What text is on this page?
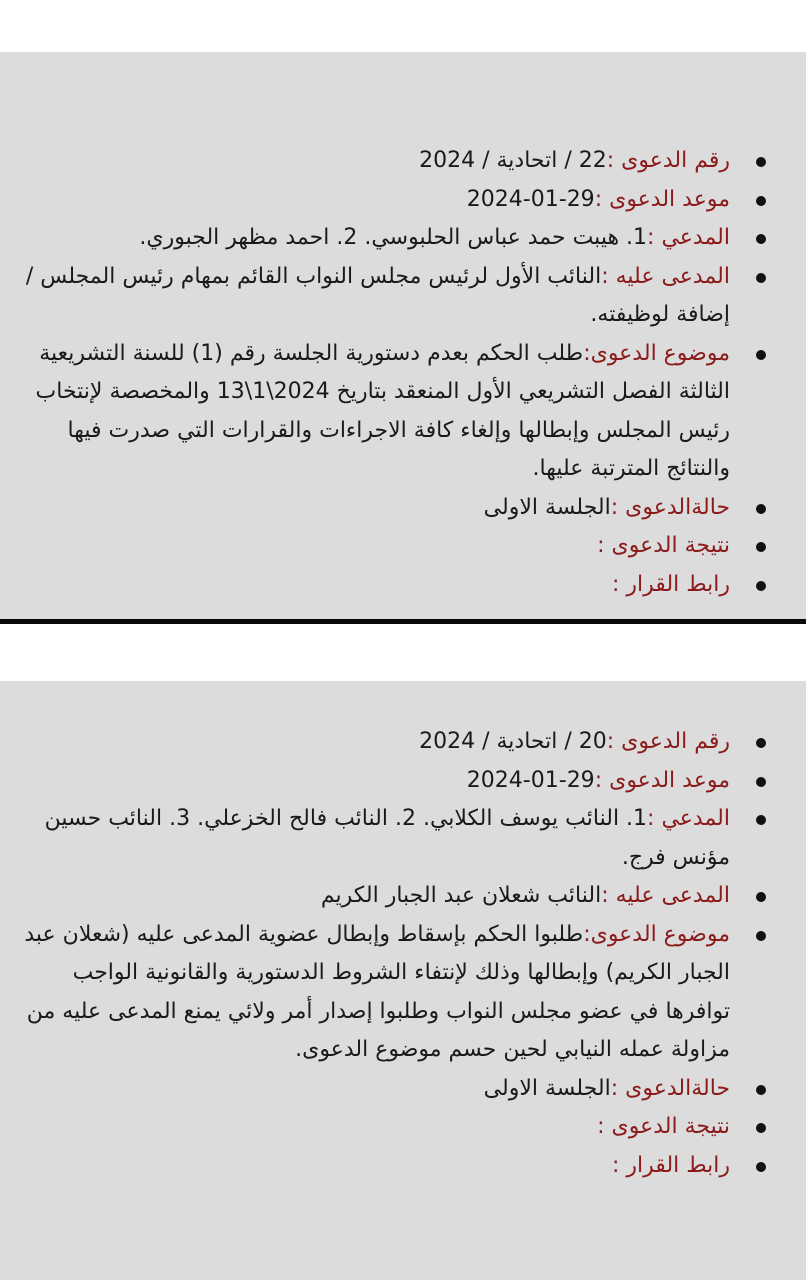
رقم الدعوى :22 / اتحادية / 2024
موعد الدعوى :29-01-2024
المدعي :1. هيبت حمد عباس الحلبوسي. 2. احمد مظهر الجبوري.
المدعى عليه :النائب الأول لرئيس مجلس النواب القائم بمهام رئيس المجلس / إضافة لوظيفته.
موضوع الدعوى:طلب الحكم بعدم دستورية الجلسة رقم (1) للسنة التشريعية الثالثة الفصل التشريعي الأول المنعقد بتاريخ 2024\1\13 والمخصصة لإنتخاب رئيس المجلس وإبطالها وإلغاء كافة الاجراءات والقرارات التي صدرت فيها والنتائج المترتبة عليها.
حالةالدعوى :الجلسة الاولى
نتيجة الدعوى :
رابط القرار :
رقم الدعوى :20 / اتحادية / 2024
موعد الدعوى :29-01-2024
المدعي :1. النائب يوسف الكلابي. 2. النائب فالح الخزعلي. 3. النائب حسين مؤنس فرج.
المدعى عليه :النائب شعلان عبد الجبار الكريم
موضوع الدعوى:طلبوا الحكم بإسقاط وإبطال عضوية المدعى عليه (شعلان عبد الجبار الكريم) وإبطالها وذلك لإنتفاء الشروط الدستورية والقانونية الواجب توافرها في عضو مجلس النواب وطلبوا إصدار أمر ولائي يمنع المدعى عليه من مزاولة عمله النيابي لحين حسم موضوع الدعوى.
حالةالدعوى :الجلسة الاولى
نتيجة الدعوى :
رابط القرار :
